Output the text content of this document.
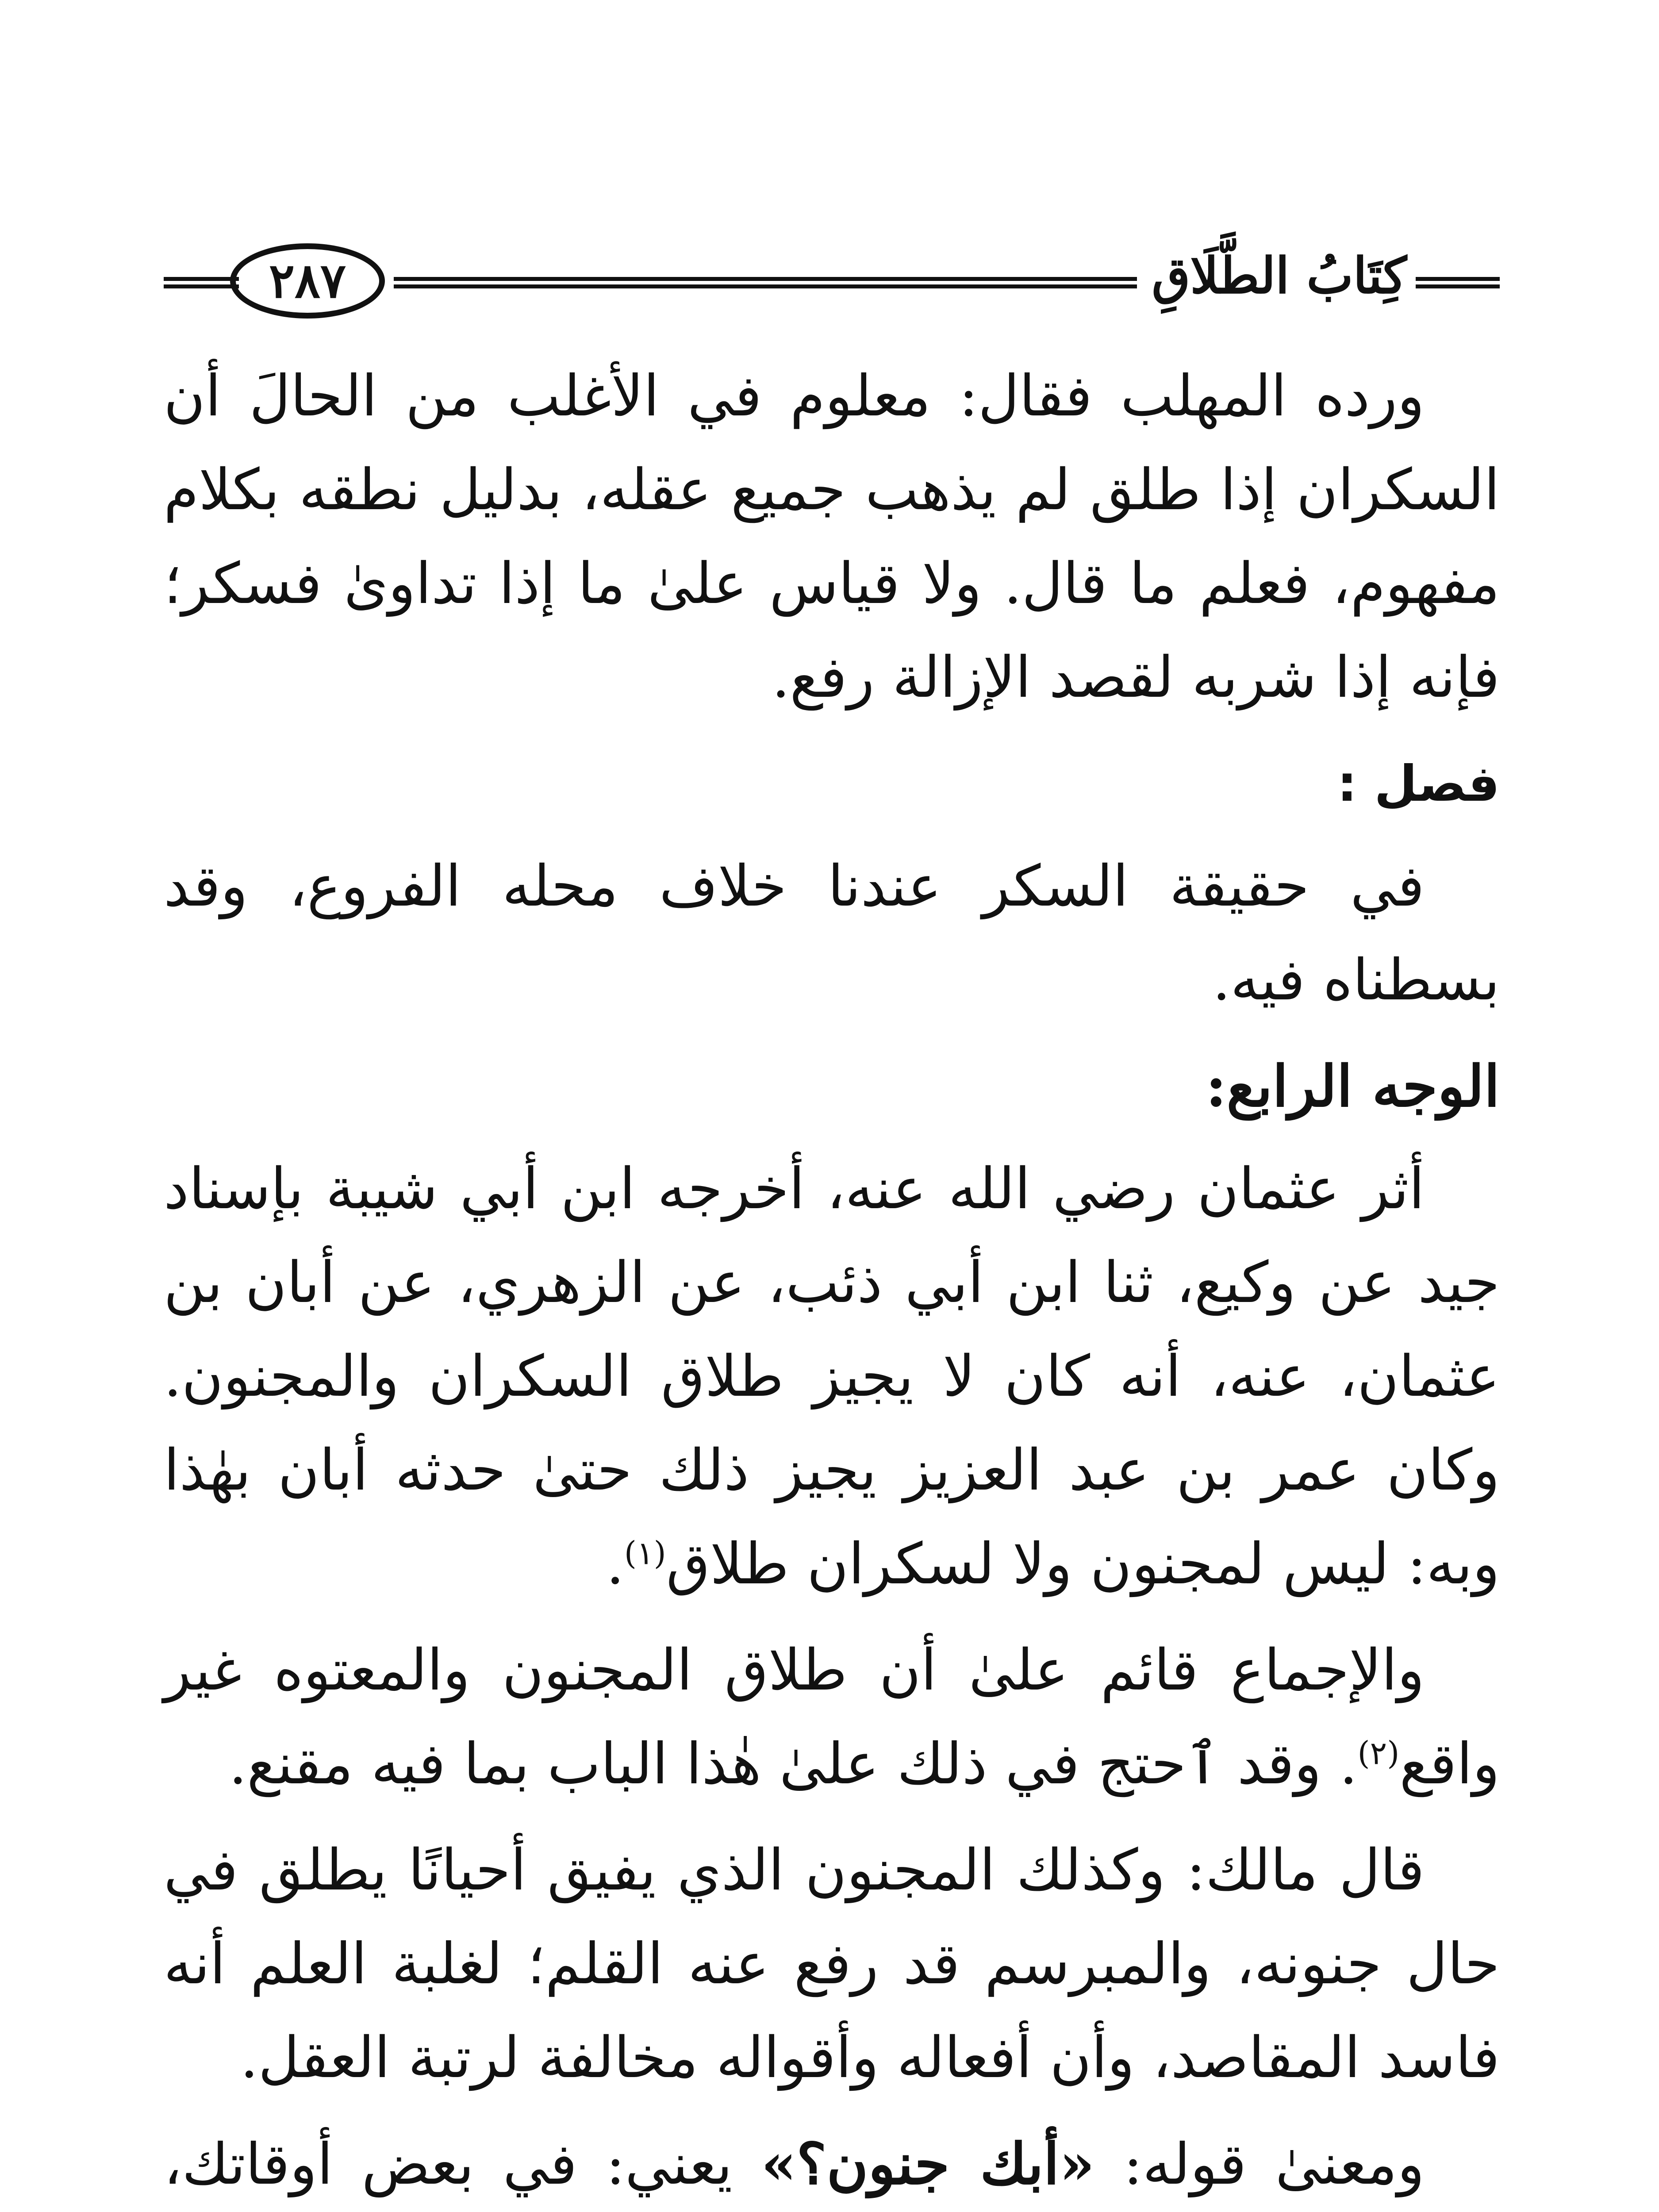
كِتَابُ الطَّلَاقِ
٢٨٧

ورده المهلب فقال: معلوم في الأغلب من الحالَ أن السكران إذا طلق لم يذهب جميع عقله، بدليل نطقه بكلام مفهوم، فعلم ما قال. ولا قياس علىٰ ما إذا تداوىٰ فسكر؛ فإنه إذا شربه لقصد الإزالة رفع.

فصل :

في حقيقة السكر عندنا خلاف محله الفروع، وقد بسطناه فيه.

الوجه الرابع:

أثر عثمان رضي الله عنه، أخرجه ابن أبي شيبة بإسناد جيد عن وكيع، ثنا ابن أبي ذئب، عن الزهري، عن أبان بن عثمان، عنه، أنه كان لا يجيز طلاق السكران والمجنون. وكان عمر بن عبد العزيز يجيز ذلك حتىٰ حدثه أبان بهٰذا وبه: ليس لمجنون ولا لسكران طلاق$^{(١)}$.

والإجماع قائم علىٰ أن طلاق المجنون والمعتوه غير واقع$^{(٢)}$. وقد ٱحتج في ذلك علىٰ هٰذا الباب بما فيه مقنع.

قال مالك: وكذلك المجنون الذي يفيق أحيانًا يطلق في حال جنونه، والمبرسم قد رفع عنه القلم؛ لغلبة العلم أنه فاسد المقاصد، وأن أفعاله وأقواله مخالفة لرتبة العقل.

ومعنىٰ قوله: «أبك جنون؟» يعني: في بعض أوقاتك،
